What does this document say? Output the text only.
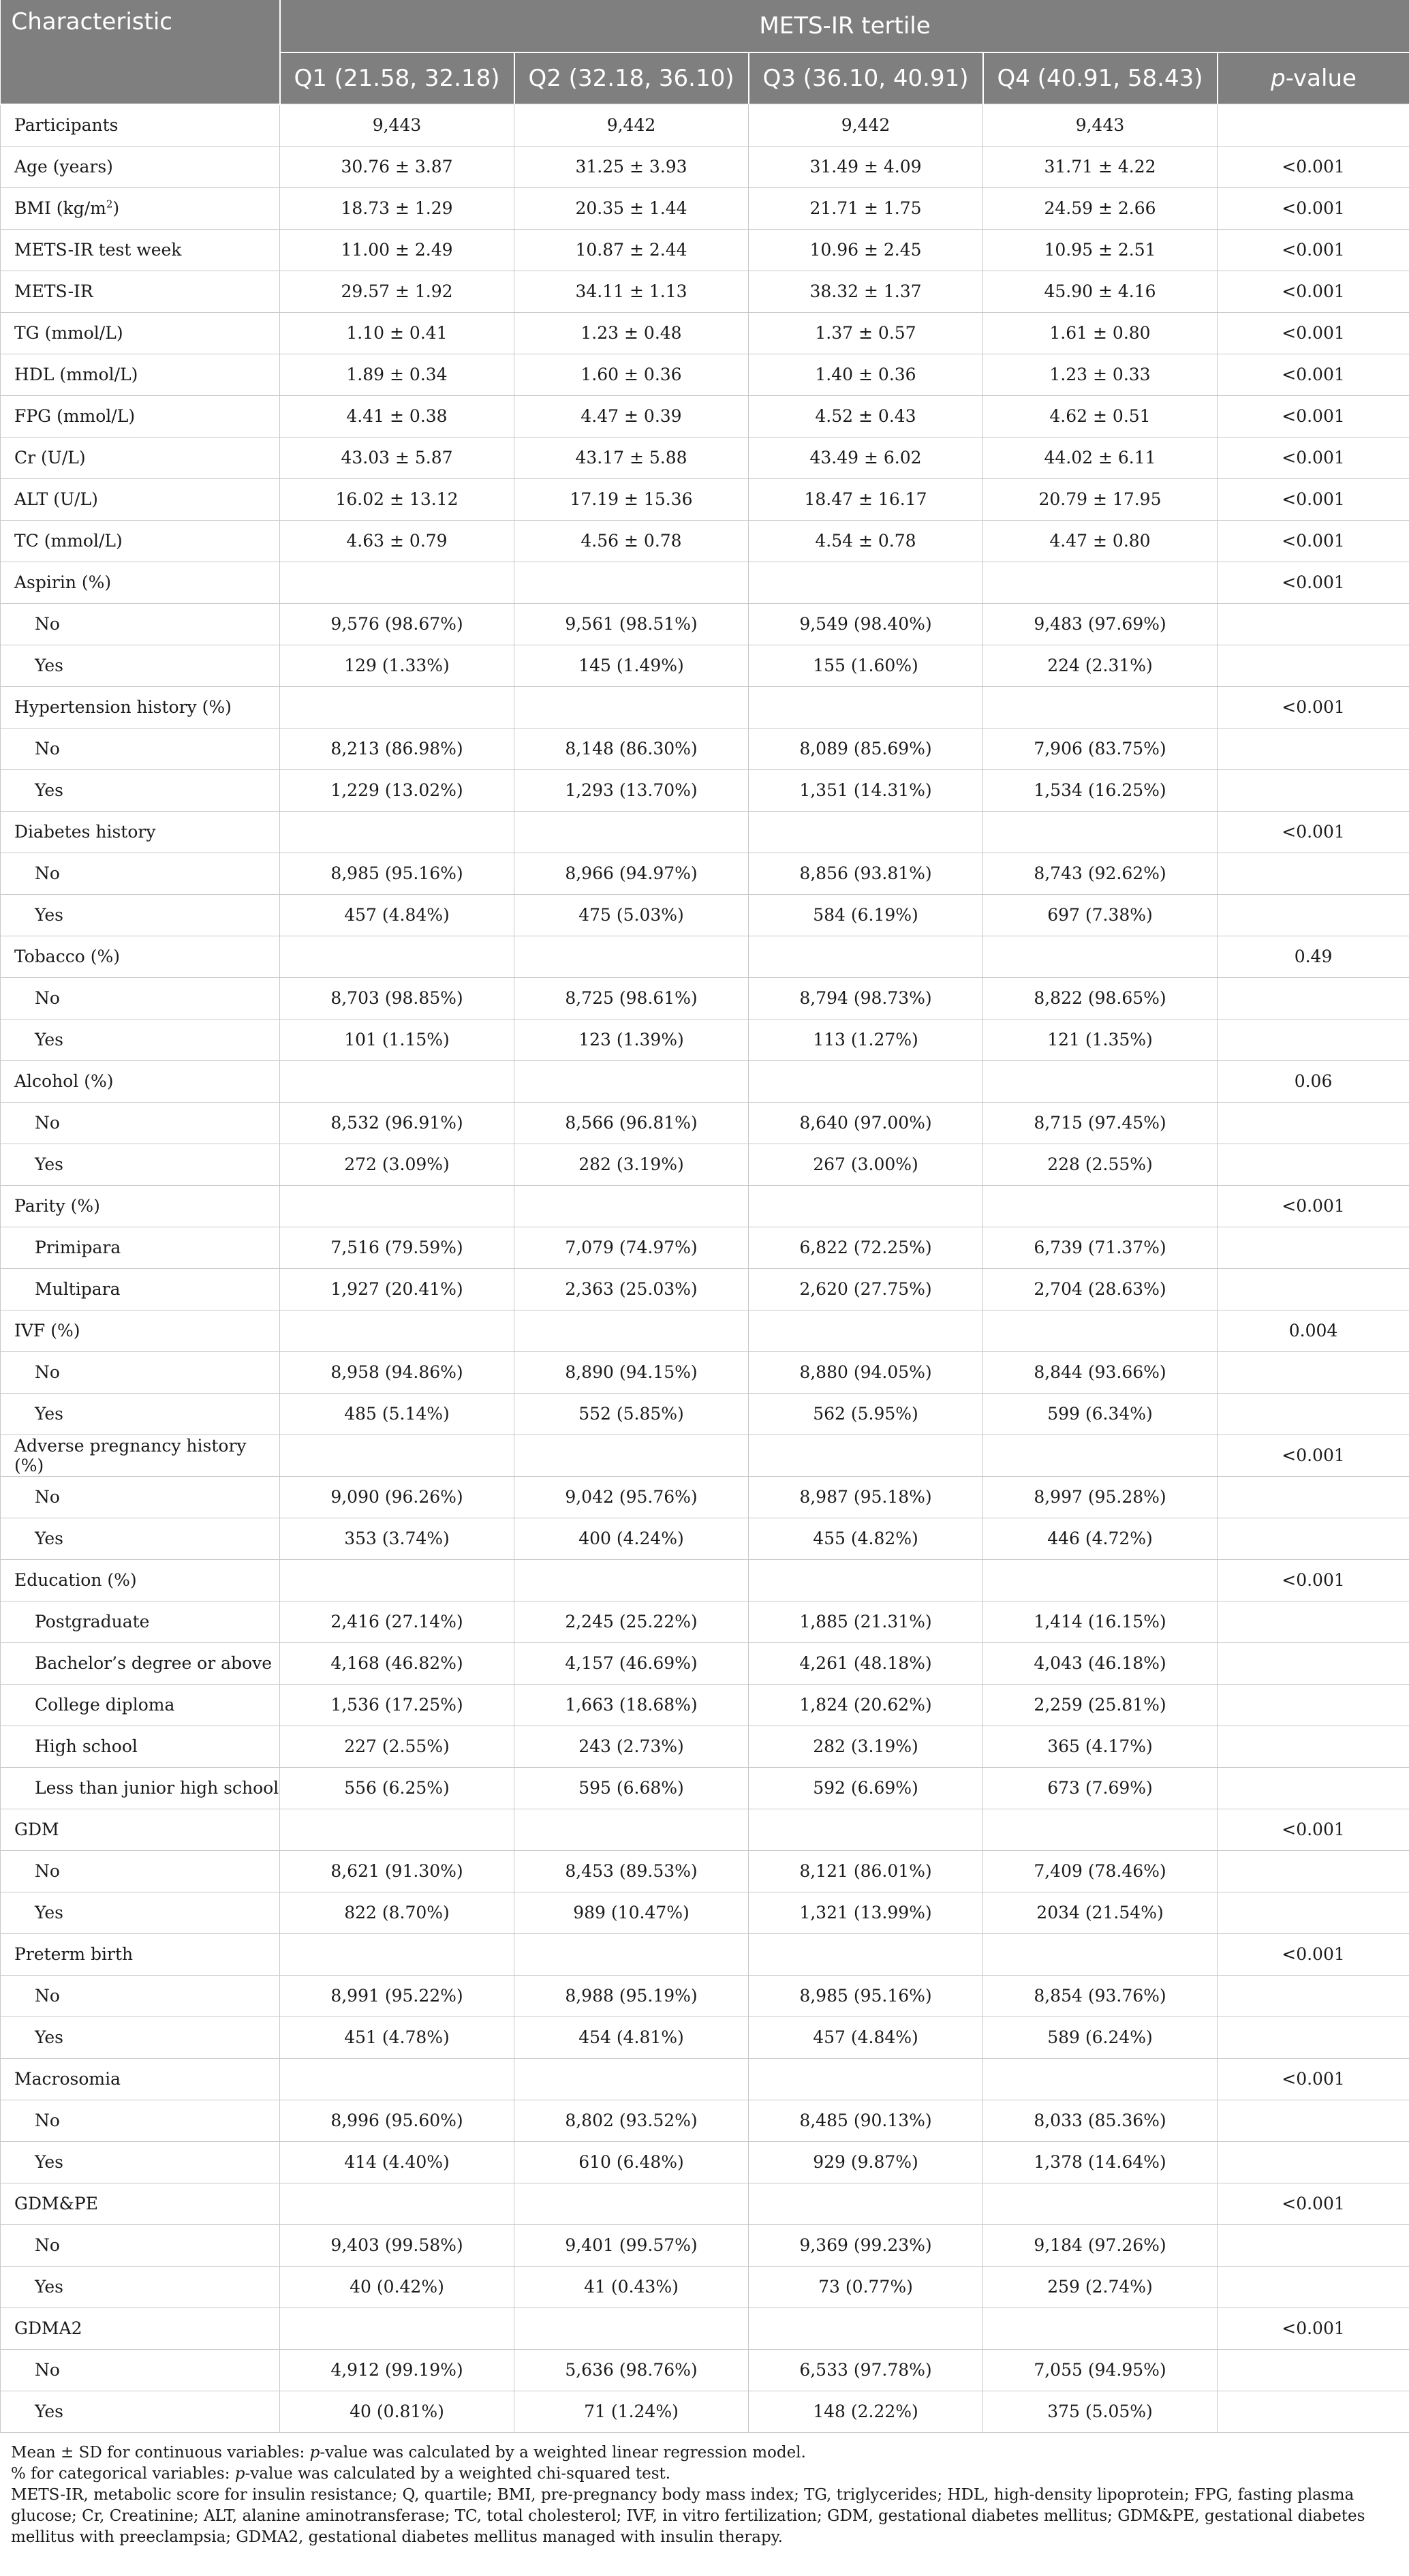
Characteristic	METS-IR tertile				
	Q1 (21.58, 32.18)	Q2 (32.18, 36.10)	Q3 (36.10, 40.91)	Q4 (40.91, 58.43)	p-value
Participants	9,443	9,442	9,442	9,443	
Age (years)	30.76 ± 3.87	31.25 ± 3.93	31.49 ± 4.09	31.71 ± 4.22	<0.001
BMI $(kg/m^2)$	18.73 ± 1.29	20.35 ± 1.44	21.71 ± 1.75	24.59 ± 2.66	<0.001
METS-IR test week	11.00 ± 2.49	10.87 ± 2.44	10.96 ± 2.45	10.95 ± 2.51	<0.001
METS-IR	29.57 ± 1.92	34.11 ± 1.13	38.32 ± 1.37	45.90 ± 4.16	<0.001
TG (mmol/L)	1.10 ± 0.41	1.23 ± 0.48	1.37 ± 0.57	1.61 ± 0.80	<0.001
HDL (mmol/L)	1.89 ± 0.34	1.60 ± 0.36	1.40 ± 0.36	1.23 ± 0.33	<0.001
FPG (mmol/L)	4.41 ± 0.38	4.47 ± 0.39	4.52 ± 0.43	4.62 ± 0.51	<0.001
Cr (U/L)	43.03 ± 5.87	43.17 ± 5.88	43.49 ± 6.02	44.02 ± 6.11	<0.001
ALT (U/L)	16.02 ± 13.12	17.19 ± 15.36	18.47 ± 16.17	20.79 ± 17.95	<0.001
TC (mmol/L)	4.63 ± 0.79	4.56 ± 0.78	4.54 ± 0.78	4.47 ± 0.80	<0.001
Aspirin (%)					<0.001
No	9,576 (98.67%)	9,561 (98.51%)	9,549 (98.40%)	9,483 (97.69%)	
Yes	129 (1.33%)	145 (1.49%)	155 (1.60%)	224 (2.31%)	
Hypertension history (%)					<0.001
No	8,213 (86.98%)	8,148 (86.30%)	8,089 (85.69%)	7,906 (83.75%)	
Yes	1,229 (13.02%)	1,293 (13.70%)	1,351 (14.31%)	1,534 (16.25%)	
Diabetes history					<0.001
No	8,985 (95.16%)	8,966 (94.97%)	8,856 (93.81%)	8,743 (92.62%)	
Yes	457 (4.84%)	475 (5.03%)	584 (6.19%)	697 (7.38%)	
Tobacco (%)					0.49
No	8,703 (98.85%)	8,725 (98.61%)	8,794 (98.73%)	8,822 (98.65%)	
Yes	101 (1.15%)	123 (1.39%)	113 (1.27%)	121 (1.35%)	
Alcohol (%)					0.06
No	8,532 (96.91%)	8,566 (96.81%)	8,640 (97.00%)	8,715 (97.45%)	
Yes	272 (3.09%)	282 (3.19%)	267 (3.00%)	228 (2.55%)	
Parity (%)					<0.001
Primipara	7,516 (79.59%)	7,079 (74.97%)	6,822 (72.25%)	6,739 (71.37%)	
Multipara	1,927 (20.41%)	2,363 (25.03%)	2,620 (27.75%)	2,704 (28.63%)	
IVF (%)					0.004
No	8,958 (94.86%)	8,890 (94.15%)	8,880 (94.05%)	8,844 (93.66%)	
Yes	485 (5.14%)	552 (5.85%)	562 (5.95%)	599 (6.34%)	
Adverse pregnancy history (%)					<0.001
No	9,090 (96.26%)	9,042 (95.76%)	8,987 (95.18%)	8,997 (95.28%)	
Yes	353 (3.74%)	400 (4.24%)	455 (4.82%)	446 (4.72%)	
Education (%)					<0.001
Postgraduate	2,416 (27.14%)	2,245 (25.22%)	1,885 (21.31%)	1,414 (16.15%)	
Bachelor’s degree or above	4,168 (46.82%)	4,157 (46.69%)	4,261 (48.18%)	4,043 (46.18%)	
College diploma	1,536 (17.25%)	1,663 (18.68%)	1,824 (20.62%)	2,259 (25.81%)	
High school	227 (2.55%)	243 (2.73%)	282 (3.19%)	365 (4.17%)	
Less than junior high school	556 (6.25%)	595 (6.68%)	592 (6.69%)	673 (7.69%)	
GDM					<0.001
No	8,621 (91.30%)	8,453 (89.53%)	8,121 (86.01%)	7,409 (78.46%)	
Yes	822 (8.70%)	989 (10.47%)	1,321 (13.99%)	2034 (21.54%)	
Preterm birth					<0.001
No	8,991 (95.22%)	8,988 (95.19%)	8,985 (95.16%)	8,854 (93.76%)	
Yes	451 (4.78%)	454 (4.81%)	457 (4.84%)	589 (6.24%)	
Macrosomia					<0.001
No	8,996 (95.60%)	8,802 (93.52%)	8,485 (90.13%)	8,033 (85.36%)	
Yes	414 (4.40%)	610 (6.48%)	929 (9.87%)	1,378 (14.64%)	
GDM&PE					<0.001
No	9,403 (99.58%)	9,401 (99.57%)	9,369 (99.23%)	9,184 (97.26%)	
Yes	40 (0.42%)	41 (0.43%)	73 (0.77%)	259 (2.74%)	
GDMA2					<0.001
No	4,912 (99.19%)	5,636 (98.76%)	6,533 (97.78%)	7,055 (94.95%)	
Yes	40 (0.81%)	71 (1.24%)	148 (2.22%)	375 (5.05%)	
Mean ± SD for continuous variables: p-value was calculated by a weighted linear regression model.
% for categorical variables: p-value was calculated by a weighted chi-squared test.
METS-IR, metabolic score for insulin resistance; Q, quartile; BMI, pre-pregnancy body mass index; TG, triglycerides; HDL, high-density lipoprotein; FPG, fasting plasma glucose; Cr, Creatinine; ALT, alanine aminotransferase; TC, total cholesterol; IVF, in vitro fertilization; GDM, gestational diabetes mellitus; GDM&PE, gestational diabetes mellitus with preeclampsia; GDMA2, gestational diabetes mellitus managed with insulin therapy.
